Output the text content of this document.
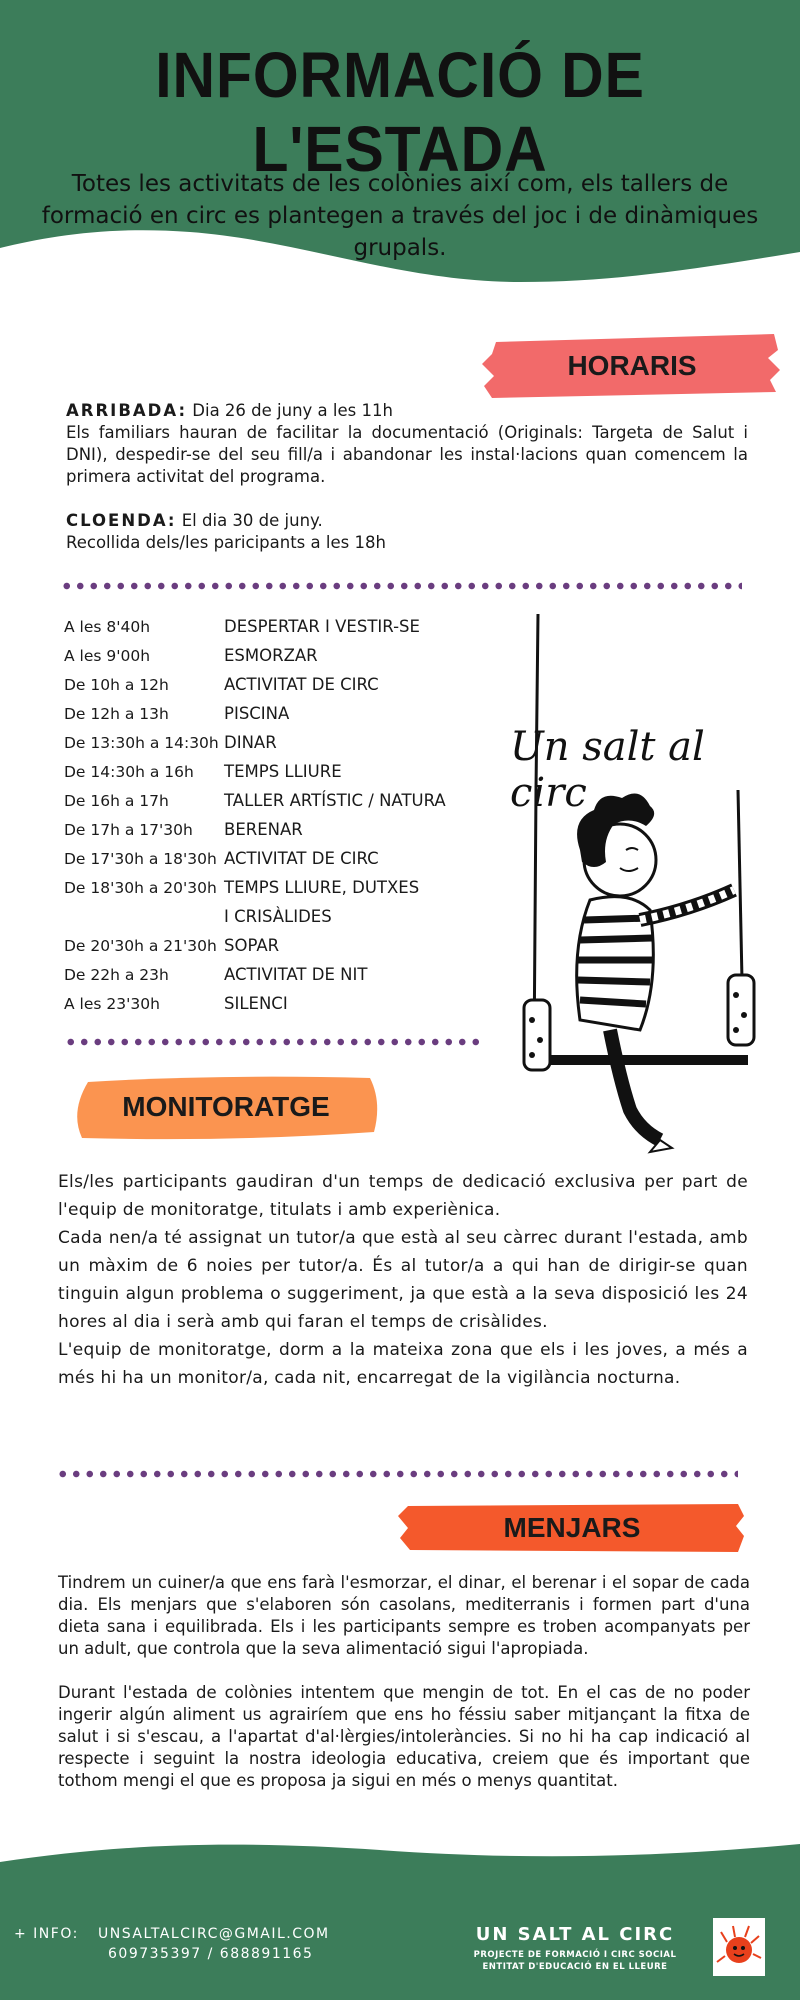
INFORMACIÓ DE L'ESTADA
Totes les activitats de les colònies així com, els tallers de formació en circ es plantegen a través del joc i de dinàmiques grupals.
HORARIS

ARRIBADA: Dia 26 de juny a les 11h

Els familiars hauran de facilitar la documentació (Originals: Targeta de Salut i DNI), despedir-se del seu fill/a i abandonar les instal·lacions quan comencem la primera activitat del programa.

CLOENDA: El dia 30 de juny.

Recollida dels/les paricipants a les 18h

A les 8'40h	DESPERTAR I VESTIR-SE
A les 9'00h	ESMORZAR
De 10h a 12h	ACTIVITAT DE CIRC
De 12h a 13h	PISCINA
De 13:30h a 14:30h DINAR
De 14:30h a 16h	TEMPS LLIURE
De 16h a 17h	TALLER ARTÍSTIC / NATURA
De 17h a 17'30h	BERENAR
De 17'30h a 18'30h ACTIVITAT DE CIRC
De 18'30h a 20'30h TEMPS LLIURE, DUTXES
I CRISÀLIDES
De 20'30h a 21'30h SOPAR
De 22h a 23h	ACTIVITAT DE NIT
A les 23'30h	SILENCI
Un salt al circ
MONITORATGE

Els/les participants gaudiran d'un temps de dedicació exclusiva per part de l'equip de monitoratge, titulats i amb experiènica.

Cada nen/a té assignat un tutor/a que està al seu càrrec durant l'estada, amb un màxim de 6 noies per tutor/a. És al tutor/a a qui han de dirigir-se quan tinguin algun problema o suggeriment, ja que està a la seva disposició les 24 hores al dia i serà amb qui faran el temps de crisàlides.

L'equip de monitoratge, dorm a la mateixa zona que els i les joves, a més a més hi ha un monitor/a, cada nit, encarregat de la vigilància nocturna.

MENJARS

Tindrem un cuiner/a que ens farà l'esmorzar, el dinar, el berenar i el sopar de cada dia. Els menjars que s'elaboren són casolans, mediterranis i formen part d'una dieta sana i equilibrada. Els i les participants sempre es troben acompanyats per un adult, que controla que la seva alimentació sigui l'apropiada.

Durant l'estada de colònies intentem que mengin de tot. En el cas de no poder ingerir algún aliment us agrairíem que ens ho féssiu saber mitjançant la fitxa de salut i si s'escau, a l'apartat d'al·lèrgies/intoleràncies. Si no hi ha cap indicació al respecte i seguint la nostra ideologia educativa, creiem que és important que tothom mengi el que es proposa ja sigui en més o menys quantitat.

+ INFO: UNSALTALCIRC@GMAIL.COM
609735397 / 688891165
UN SALT AL CIRC
PROJECTE DE FORMACIÓ I CIRC SOCIAL
ENTITAT D'EDUCACIÓ EN EL LLEURE
